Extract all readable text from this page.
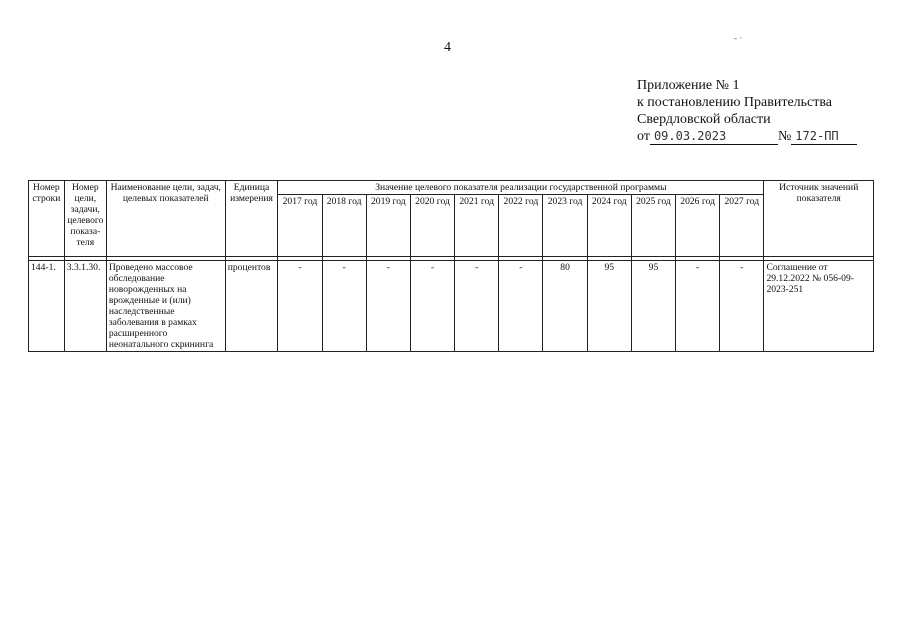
4
- ·
Приложение № 1
к постановлению Правительства
Свердловской области
от 09.03.2023	№ 172-ПП
Номер строки	Номер цели, задачи, целевого показа-теля	Наименование цели, задач, целевых показателей	Единица измерения	Значение целевого показателя реализации государственной программы											Источник значений показателя
				2017 год	2018 год	2019 год	2020 год	2021 год	2022 год	2023 год	2024 год	2025 год	2026 год	2027 год	

144-1.	3.3.1.30.	Проведено массовое обследование новорожденных на врожденные и (или) наследственные заболевания в рамках расширенного неонатального скрининга	процентов	-	-	-	-	-	-	80	95	95	-	-	Соглашение от 29.12.2022 № 056-09-2023-251
